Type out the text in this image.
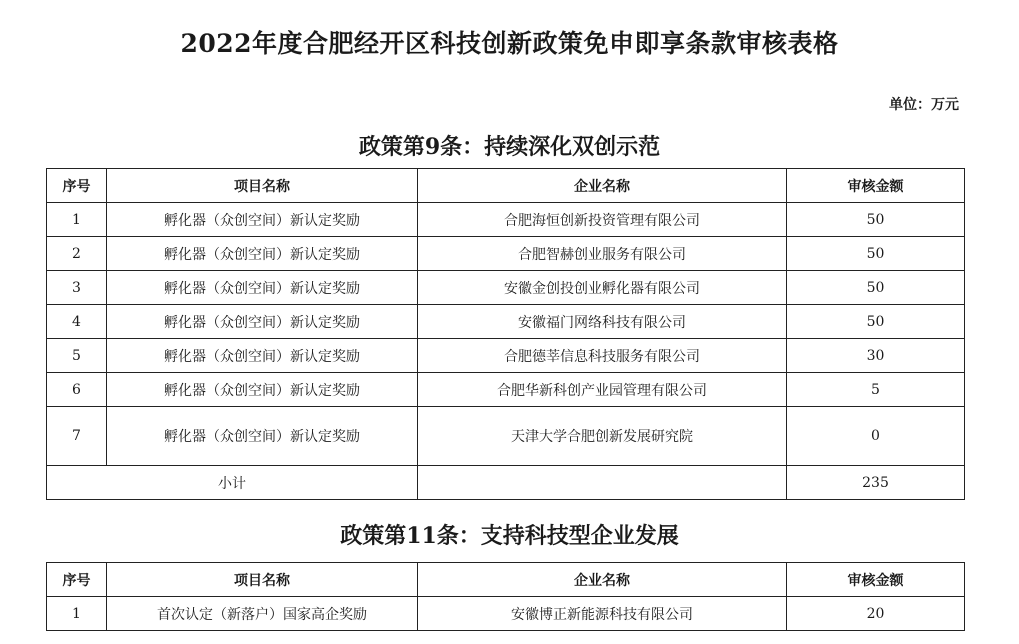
2022年度合肥经开区科技创新政策免申即享条款审核表格
单位：万元
政策第9条：持续深化双创示范
序号	项目名称	企业名称	审核金额
1	孵化器（众创空间）新认定奖励	合肥海恒创新投资管理有限公司	50
2	孵化器（众创空间）新认定奖励	合肥智赫创业服务有限公司	50
3	孵化器（众创空间）新认定奖励	安徽金创投创业孵化器有限公司	50
4	孵化器（众创空间）新认定奖励	安徽福门网络科技有限公司	50
5	孵化器（众创空间）新认定奖励	合肥德莘信息科技服务有限公司	30
6	孵化器（众创空间）新认定奖励	合肥华新科创产业园管理有限公司	5
7	孵化器（众创空间）新认定奖励	天津大学合肥创新发展研究院	0
小计			235
政策第11条：支持科技型企业发展
序号	项目名称	企业名称	审核金额
1	首次认定（新落户）国家高企奖励	安徽博正新能源科技有限公司	20
